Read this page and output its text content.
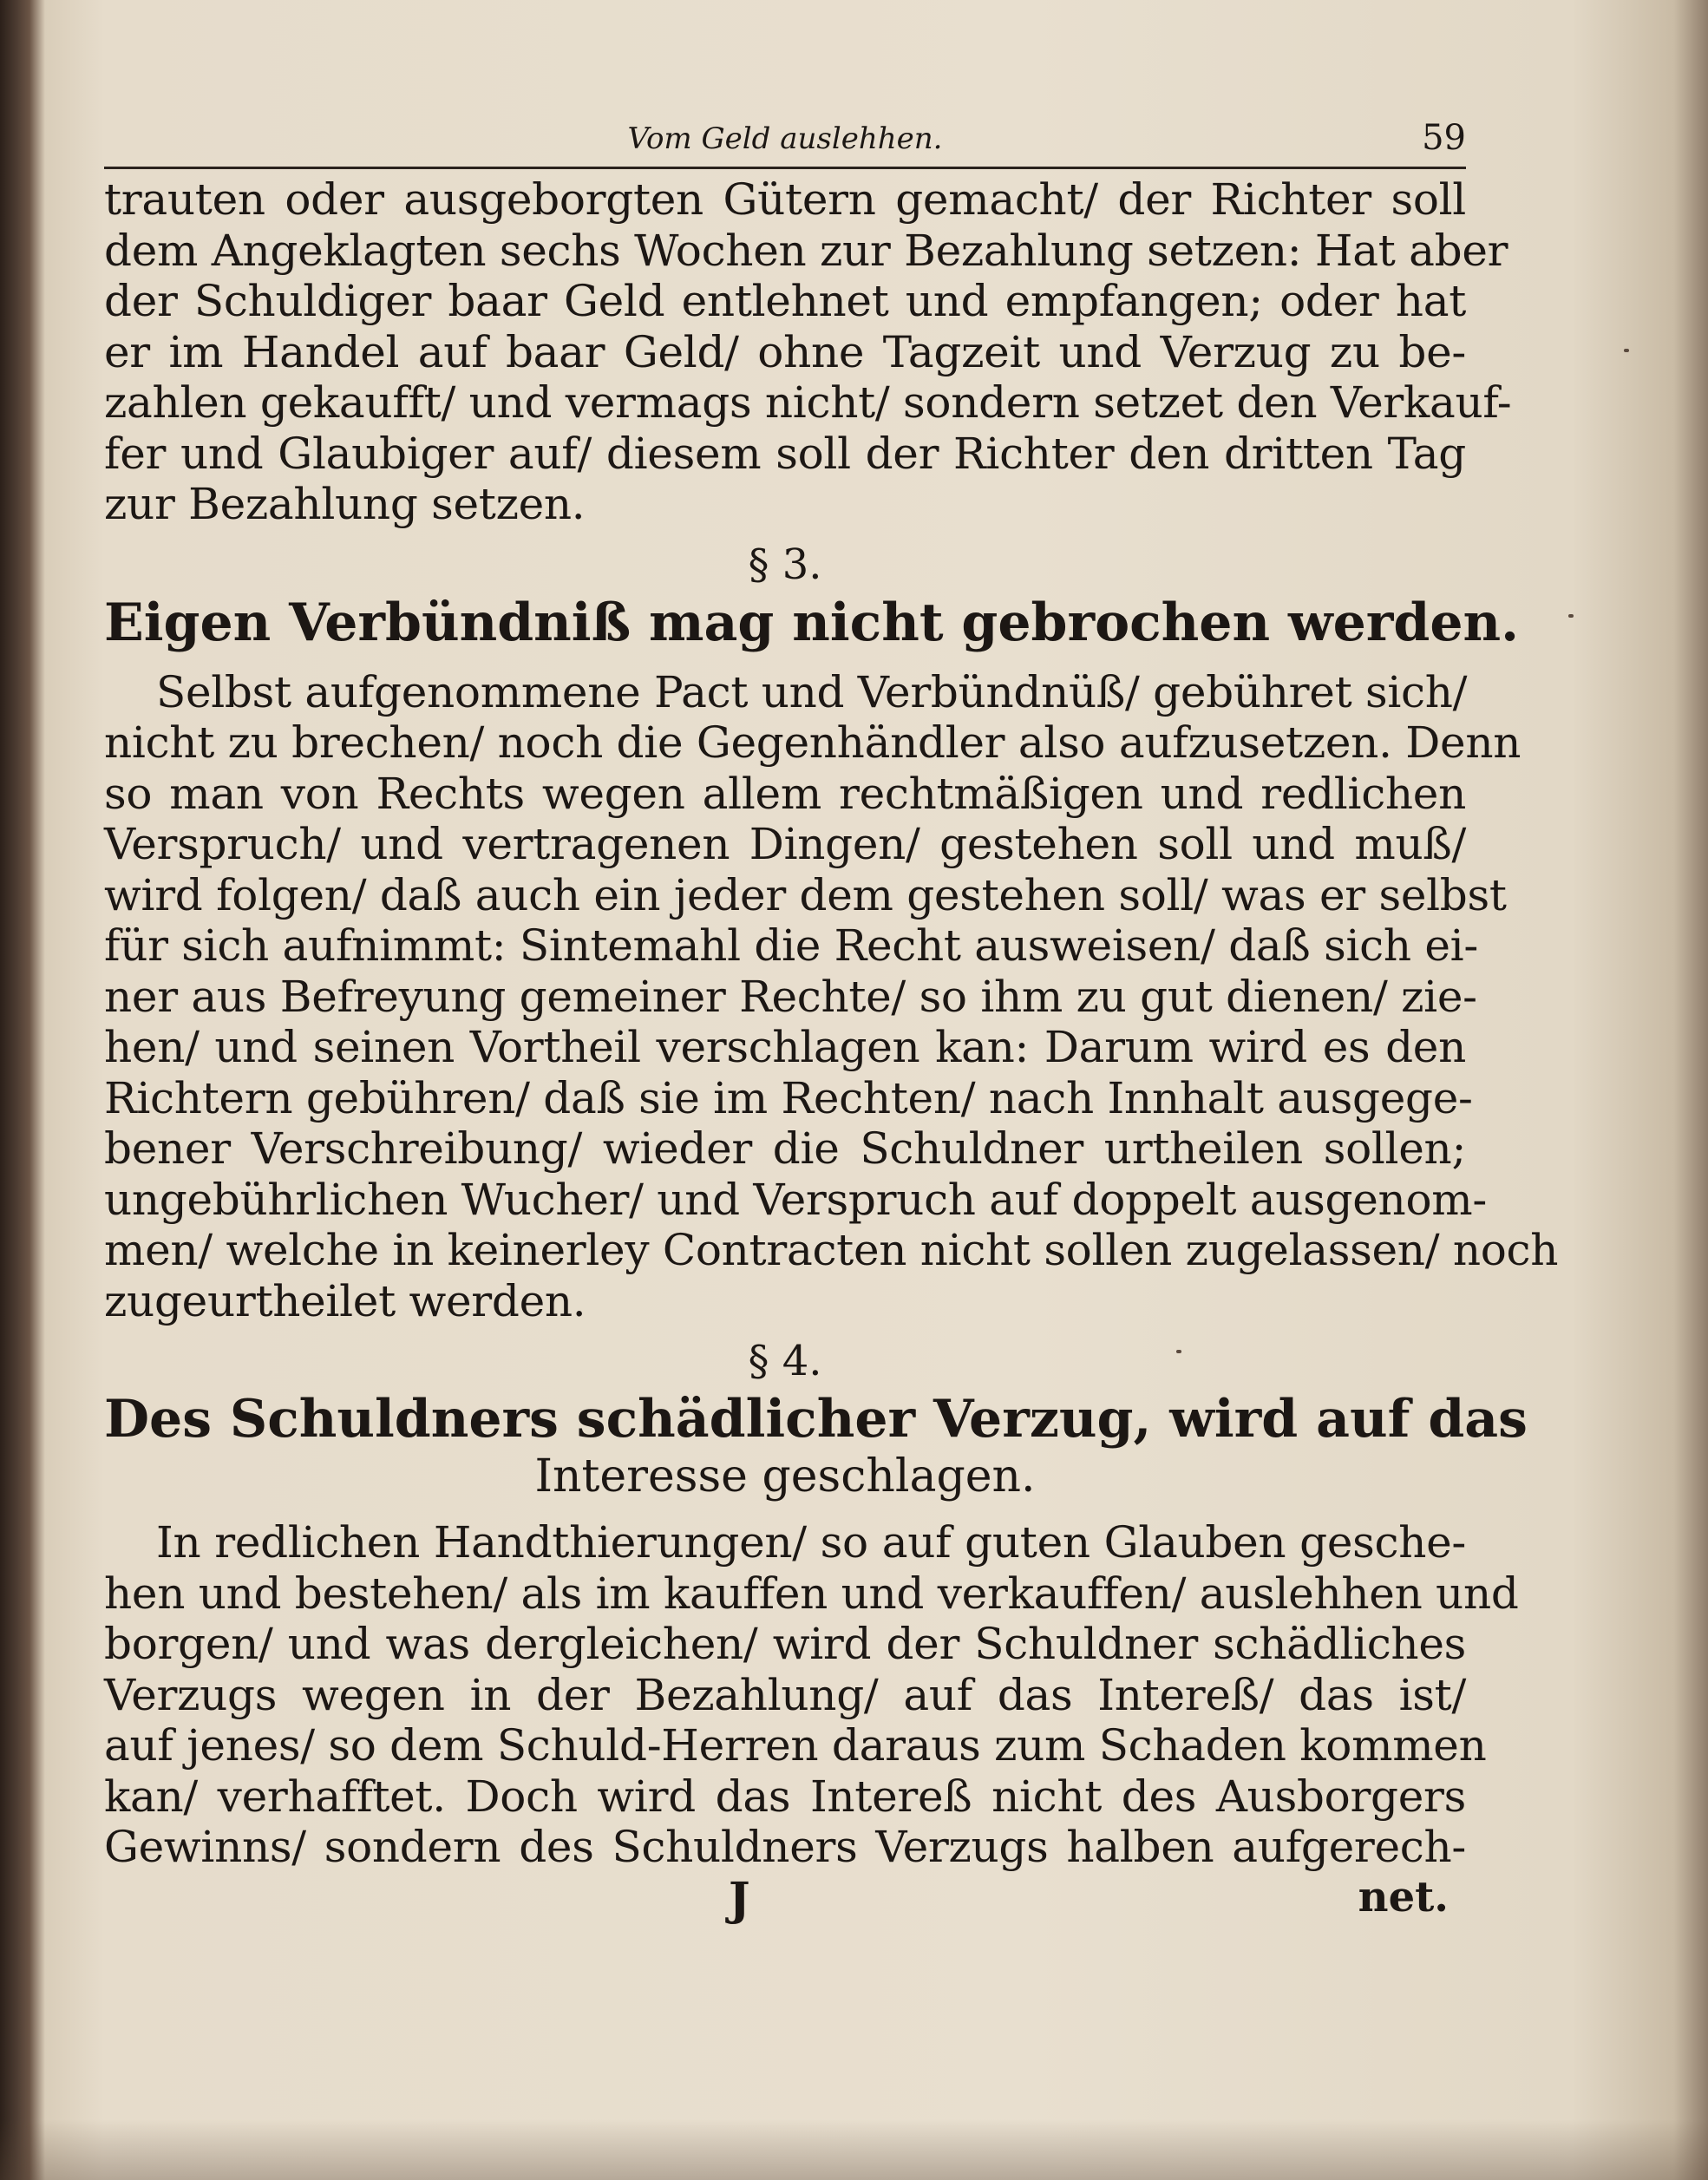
Vom Geld auslehhen.	59
trauten oder ausgeborgten Gütern gemacht/ der Richter soll
dem Angeklagten sechs Wochen zur Bezahlung setzen: Hat aber
der Schuldiger baar Geld entlehnet und empfangen; oder hat
er im Handel auf baar Geld/ ohne Tagzeit und Verzug zu be-
zahlen gekaufft/ und vermags nicht/ sondern setzet den Verkauf-
fer und Glaubiger auf/ diesem soll der Richter den dritten Tag
zur Bezahlung setzen.
§ 3.
Eigen Verbündniß mag nicht gebrochen werden.
Selbst aufgenommene Pact und Verbündnüß/ gebühret sich/
nicht zu brechen/ noch die Gegenhändler also aufzusetzen. Denn
so man von Rechts wegen allem rechtmäßigen und redlichen
Verspruch/ und vertragenen Dingen/ gestehen soll und muß/
wird folgen/ daß auch ein jeder dem gestehen soll/ was er selbst
für sich aufnimmt: Sintemahl die Recht ausweisen/ daß sich ei-
ner aus Befreyung gemeiner Rechte/ so ihm zu gut dienen/ zie-
hen/ und seinen Vortheil verschlagen kan: Darum wird es den
Richtern gebühren/ daß sie im Rechten/ nach Innhalt ausgege-
bener Verschreibung/ wieder die Schuldner urtheilen sollen;
ungebührlichen Wucher/ und Verspruch auf doppelt ausgenom-
men/ welche in keinerley Contracten nicht sollen zugelassen/ noch
zugeurtheilet werden.
§ 4.
Des Schuldners schädlicher Verzug, wird auf das
Interesse geschlagen.
In redlichen Handthierungen/ so auf guten Glauben gesche-
hen und bestehen/ als im kauffen und verkauffen/ auslehhen und
borgen/ und was dergleichen/ wird der Schuldner schädliches
Verzugs wegen in der Bezahlung/ auf das Intereß/ das ist/
auf jenes/ so dem Schuld-Herren daraus zum Schaden kommen
kan/ verhafftet. Doch wird das Intereß nicht des Ausborgers
Gewinns/ sondern des Schuldners Verzugs halben aufgerech-
J	net.
